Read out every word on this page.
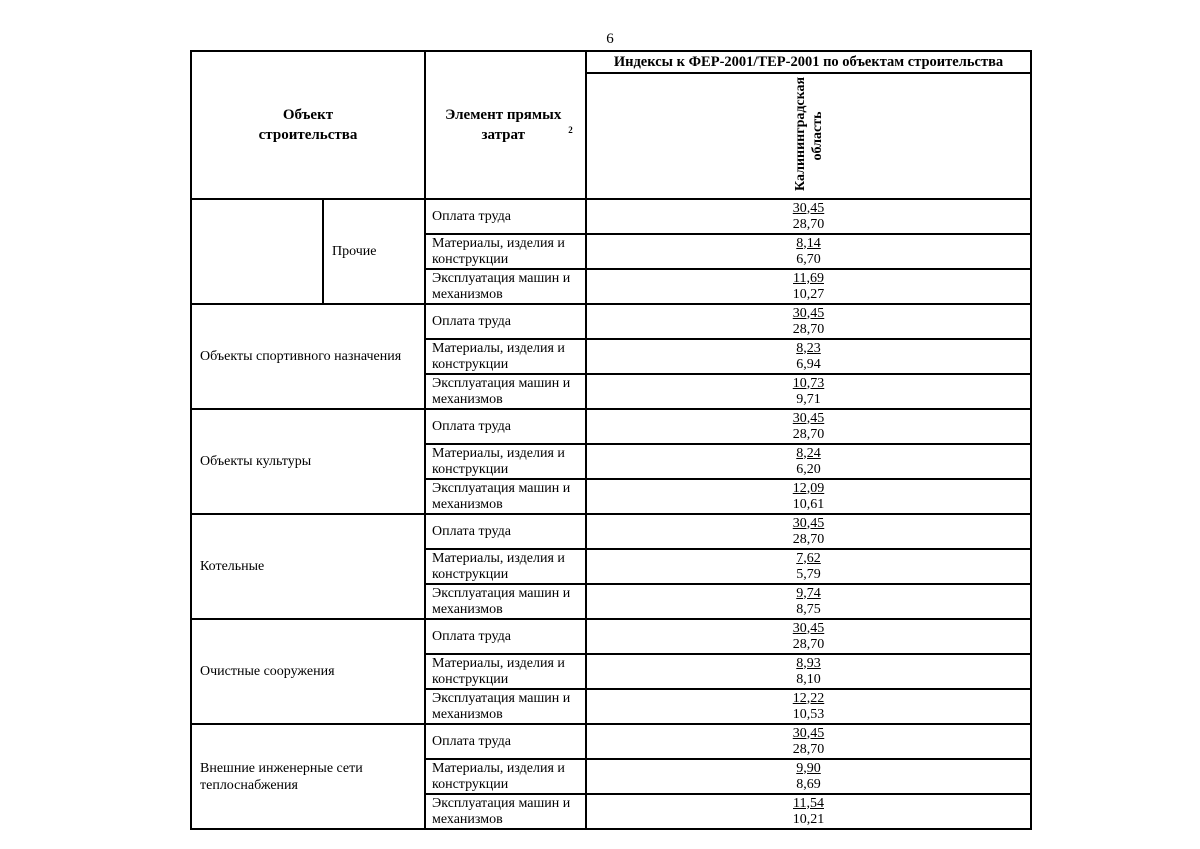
6
Объект строительства		Элемент прямых затрат $^2$	Индексы к ФЕР-2001/ТЕР-2001 по объектам строительства

			Калининградская область

	Прочие	Оплата труда	30,45
28,70

		Материалы, изделия и конструкции	8,14
6,70

		Эксплуатация машин и механизмов	11,69
10,27

Объекты спортивного назначения		Оплата труда	30,45
28,70

		Материалы, изделия и конструкции	8,23
6,94

		Эксплуатация машин и механизмов	10,73
9,71

Объекты культуры		Оплата труда	30,45
28,70

		Материалы, изделия и конструкции	8,24
6,20

		Эксплуатация машин и механизмов	12,09
10,61

Котельные		Оплата труда	30,45
28,70

		Материалы, изделия и конструкции	7,62
5,79

		Эксплуатация машин и механизмов	9,74
8,75

Очистные сооружения		Оплата труда	30,45
28,70

		Материалы, изделия и конструкции	8,93
8,10

		Эксплуатация машин и механизмов	12,22
10,53

Внешние инженерные сети теплоснабжения		Оплата труда	30,45
28,70

		Материалы, изделия и конструкции	9,90
8,69

		Эксплуатация машин и механизмов	11,54
10,21
